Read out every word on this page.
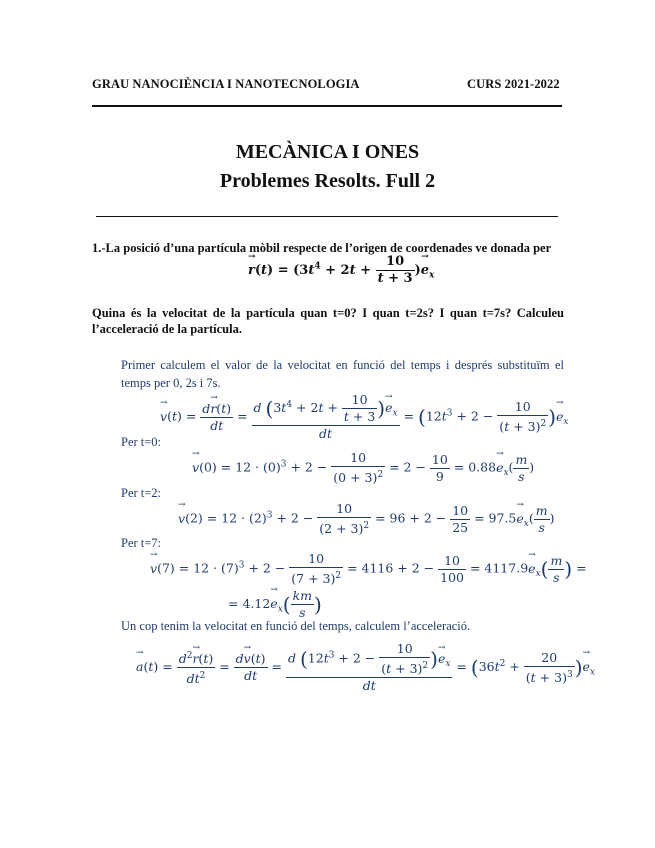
GRAU NANOCIÈNCIA I NANOTECNOLOGIA	CURS 2021-2022
MECÀNICA I ONES
Problemes Resolts. Full 2
1.-La posició d’una partícula mòbil respecte de l’origen de coordenades ve donada per
→ $r(t) = (3t^4 + 2t + \frac{10}{t + 3}$ )→ $e_x$
Quina és la velocitat de la partícula quan t=0? I quan t=2s? I quan t=7s? Calculeu l’acceleració de la partícula.
Primer calculem el valor de la velocitat en funció del temps i després substituïm el temps per 0, 2s i 7s.
→ $v(t) = \frac{d\to r(t)}{dt} = \frac{d (3t^4 + 2t + \frac{10}{t + 3} )\to e_x}{dt} = (12t^3 + 2 - \frac{10}{(t + 3)^2}$ )→ $e_x$
Per t=0:
→ $v(0) = 12 \cdot (0)^3 + 2 - \frac{10}{(0 + 3)^2} = 2 - \frac{10}{9} = 0.88\to e_x( \frac{m}{s}$ )
Per t=2:
→ $v(2) = 12 \cdot (2)^3 + 2 - \frac{10}{(2 + 3)^2} = 96 + 2 - \frac{10}{25} = 97.5\to e_x( \frac{m}{s}$ )
Per t=7:
→ $v(7) = 12 \cdot (7)^3 + 2 - \frac{10}{(7 + 3)^2} = 4116 + 2 - \frac{10}{100} = 4117.9\to e_x( \frac{m}{s}$ ) =
= $4.12\to e_x( \frac{km}{s}$ )
Un cop tenim la velocitat en funció del temps, calculem l’acceleració.
→ $a(t) = \frac{d^2\to r(t)}{dt^2} = \frac{d\to v(t)}{dt} = \frac{d (12t^3 + 2 - \frac{10}{(t + 3)^2} )\to e_x}{dt} = (36t^2 + \frac{20}{(t + 3)^3}$ )→ $e_x$
